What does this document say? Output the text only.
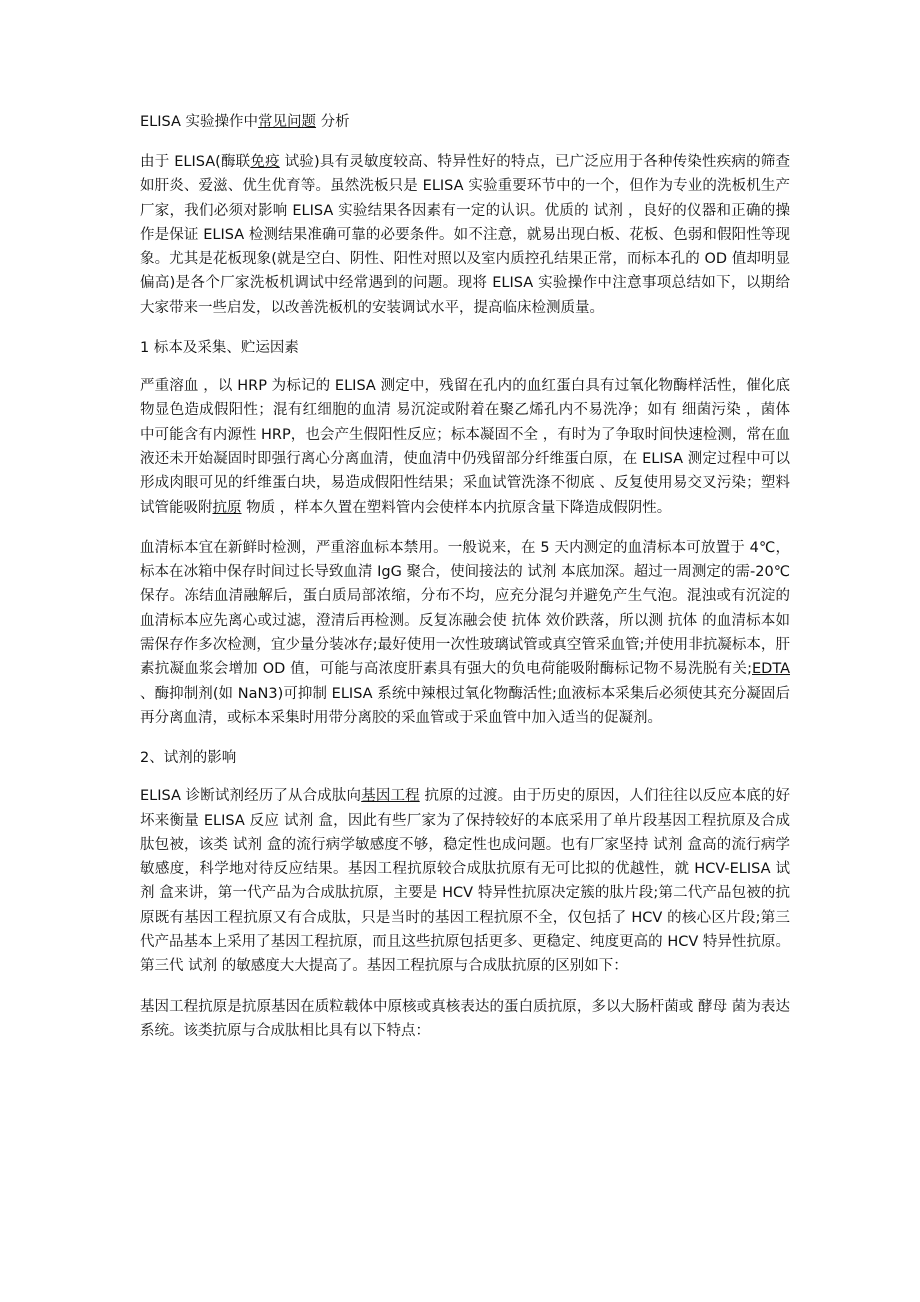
ELISA 实验操作中常见问题 分析

由于 ELISA(酶联免疫 试验)具有灵敏度较高、特异性好的特点，已广泛应用于各种传染性疾病的筛查如肝炎、爱滋、优生优育等。虽然洗板只是 ELISA 实验重要环节中的一个，但作为专业的洗板机生产厂家，我们必须对影响 ELISA 实验结果各因素有一定的认识。优质的 试剂 ，良好的仪器和正确的操作是保证 ELISA 检测结果准确可靠的必要条件。如不注意，就易出现白板、花板、色弱和假阳性等现象。尤其是花板现象(就是空白、阴性、阳性对照以及室内质控孔结果正常，而标本孔的 OD 值却明显偏高)是各个厂家洗板机调试中经常遇到的问题。现将 ELISA 实验操作中注意事项总结如下，以期给大家带来一些启发，以改善洗板机的安装调试水平，提高临床检测质量。

1 标本及采集、贮运因素

严重溶血 ，以 HRP 为标记的 ELISA 测定中，残留在孔内的血红蛋白具有过氧化物酶样活性，催化底物显色造成假阳性；混有红细胞的血清 易沉淀或附着在聚乙烯孔内不易洗净；如有 细菌污染 ，菌体中可能含有内源性 HRP，也会产生假阳性反应；标本凝固不全 ，有时为了争取时间快速检测，常在血液还未开始凝固时即强行离心分离血清，使血清中仍残留部分纤维蛋白原，在 ELISA 测定过程中可以形成肉眼可见的纤维蛋白块，易造成假阳性结果；采血试管洗涤不彻底 、反复使用易交叉污染；塑料试管能吸附抗原 物质 ，样本久置在塑料管内会使样本内抗原含量下降造成假阴性。

血清标本宜在新鲜时检测，严重溶血标本禁用。一般说来，在 5 天内测定的血清标本可放置于 4℃，标本在冰箱中保存时间过长导致血清 IgG 聚合，使间接法的 试剂 本底加深。超过一周测定的需-20℃保存。冻结血清融解后，蛋白质局部浓缩，分布不均，应充分混匀并避免产生气泡。混浊或有沉淀的血清标本应先离心或过滤，澄清后再检测。反复冻融会使 抗体 效价跌落，所以测 抗体 的血清标本如需保存作多次检测，宜少量分装冰存;最好使用一次性玻璃试管或真空管采血管;并使用非抗凝标本，肝素抗凝血浆会增加 OD 值，可能与高浓度肝素具有强大的负电荷能吸附酶标记物不易洗脱有关;EDTA 、酶抑制剂(如 NaN3)可抑制 ELISA 系统中辣根过氧化物酶活性;血液标本采集后必须使其充分凝固后再分离血清，或标本采集时用带分离胶的采血管或于采血管中加入适当的促凝剂。

2、试剂的影响

ELISA 诊断试剂经历了从合成肽向基因工程 抗原的过渡。由于历史的原因，人们往往以反应本底的好坏来衡量 ELISA 反应 试剂 盒，因此有些厂家为了保持较好的本底采用了单片段基因工程抗原及合成肽包被，该类 试剂 盒的流行病学敏感度不够，稳定性也成问题。也有厂家坚持 试剂 盒高的流行病学敏感度，科学地对待反应结果。基因工程抗原较合成肽抗原有无可比拟的优越性，就 HCV-ELISA 试剂 盒来讲，第一代产品为合成肽抗原，主要是 HCV 特异性抗原决定簇的肽片段;第二代产品包被的抗原既有基因工程抗原又有合成肽，只是当时的基因工程抗原不全，仅包括了 HCV 的核心区片段;第三代产品基本上采用了基因工程抗原，而且这些抗原包括更多、更稳定、纯度更高的 HCV 特异性抗原。第三代 试剂 的敏感度大大提高了。基因工程抗原与合成肽抗原的区别如下：

基因工程抗原是抗原基因在质粒载体中原核或真核表达的蛋白质抗原，多以大肠杆菌或 酵母 菌为表达系统。该类抗原与合成肽相比具有以下特点：
